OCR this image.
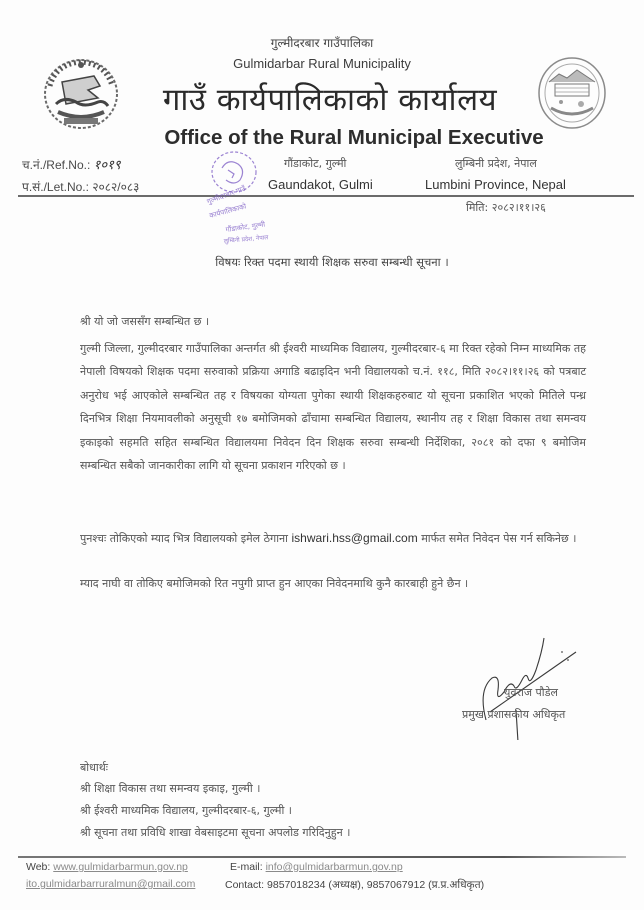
गुल्मीदरबार गाउँपालिका
Gulmidarbar Rural Municipality
गाउँ कार्यपालिकाको कार्यालय
Office of the Rural Municipal Executive
च.नं./Ref.No.: १०१९
प.सं./Let.No.: २०८२/०८३
गौंडाकोट, गुल्मी
Gaundakot, Gulmi
लुम्बिनी प्रदेश, नेपाल
Lumbini Province, Nepal
मिति: २०८२।११।२६
गुल्मीदरबार गाउँ
कार्यपालिकाको
गौंडाकोट, गुल्मी
लुम्बिनी प्रदेश, नेपाल
विषयः रिक्त पदमा स्थायी शिक्षक सरुवा सम्बन्धी सूचना ।
श्री यो जो जससँग सम्बन्धित छ ।
गुल्मी जिल्ला, गुल्मीदरबार गाउँपालिका अन्तर्गत श्री ईश्वरी माध्यमिक विद्यालय, गुल्मीदरबार-६ मा रिक्त रहेको निम्न माध्यमिक तह नेपाली विषयको शिक्षक पदमा सरुवाको प्रक्रिया अगाडि बढाइदिन भनी विद्यालयको च.नं. ११८, मिति २०८२।११।२६ को पत्रबाट अनुरोध भई आएकोले सम्बन्धित तह र विषयका योग्यता पुगेका स्थायी शिक्षकहरुबाट यो सूचना प्रकाशित भएको मितिले पन्ध्र दिनभित्र शिक्षा नियमावलीको अनुसूची १७ बमोजिमको ढाँचामा सम्बन्धित विद्यालय, स्थानीय तह र शिक्षा विकास तथा समन्वय इकाइको सहमति सहित सम्बन्धित विद्यालयमा निवेदन दिन शिक्षक सरुवा सम्बन्धी निर्देशिका, २०८१ को दफा ९ बमोजिम सम्बन्धित सबैको जानकारीका लागि यो सूचना प्रकाशन गरिएको छ ।
पुनश्चः तोकिएको म्याद भित्र विद्यालयको इमेल ठेगाना ishwari.hss@gmail.com मार्फत समेत निवेदन पेस गर्न सकिनेछ ।
म्याद नाघी वा तोकिए बमोजिमको रित नपुगी प्राप्त हुन आएका निवेदनमाथि कुनै कारबाही हुने छैन ।
युवराज पौडेल
प्रमुख प्रशासकीय अधिकृत
बोधार्थः
श्री शिक्षा विकास तथा समन्वय इकाइ, गुल्मी ।
श्री ईश्वरी माध्यमिक विद्यालय, गुल्मीदरबार-६, गुल्मी ।
श्री सूचना तथा प्रविधि शाखा वेबसाइटमा सूचना अपलोड गरिदिनुहुन ।
Web: www.gulmidarbarmun.gov.np	E-mail: info@gulmidarbarmun.gov.np
ito.gulmidarbarruralmun@gmail.com	Contact: 9857018234 (अध्यक्ष), 9857067912 (प्र.प्र.अधिकृत)
